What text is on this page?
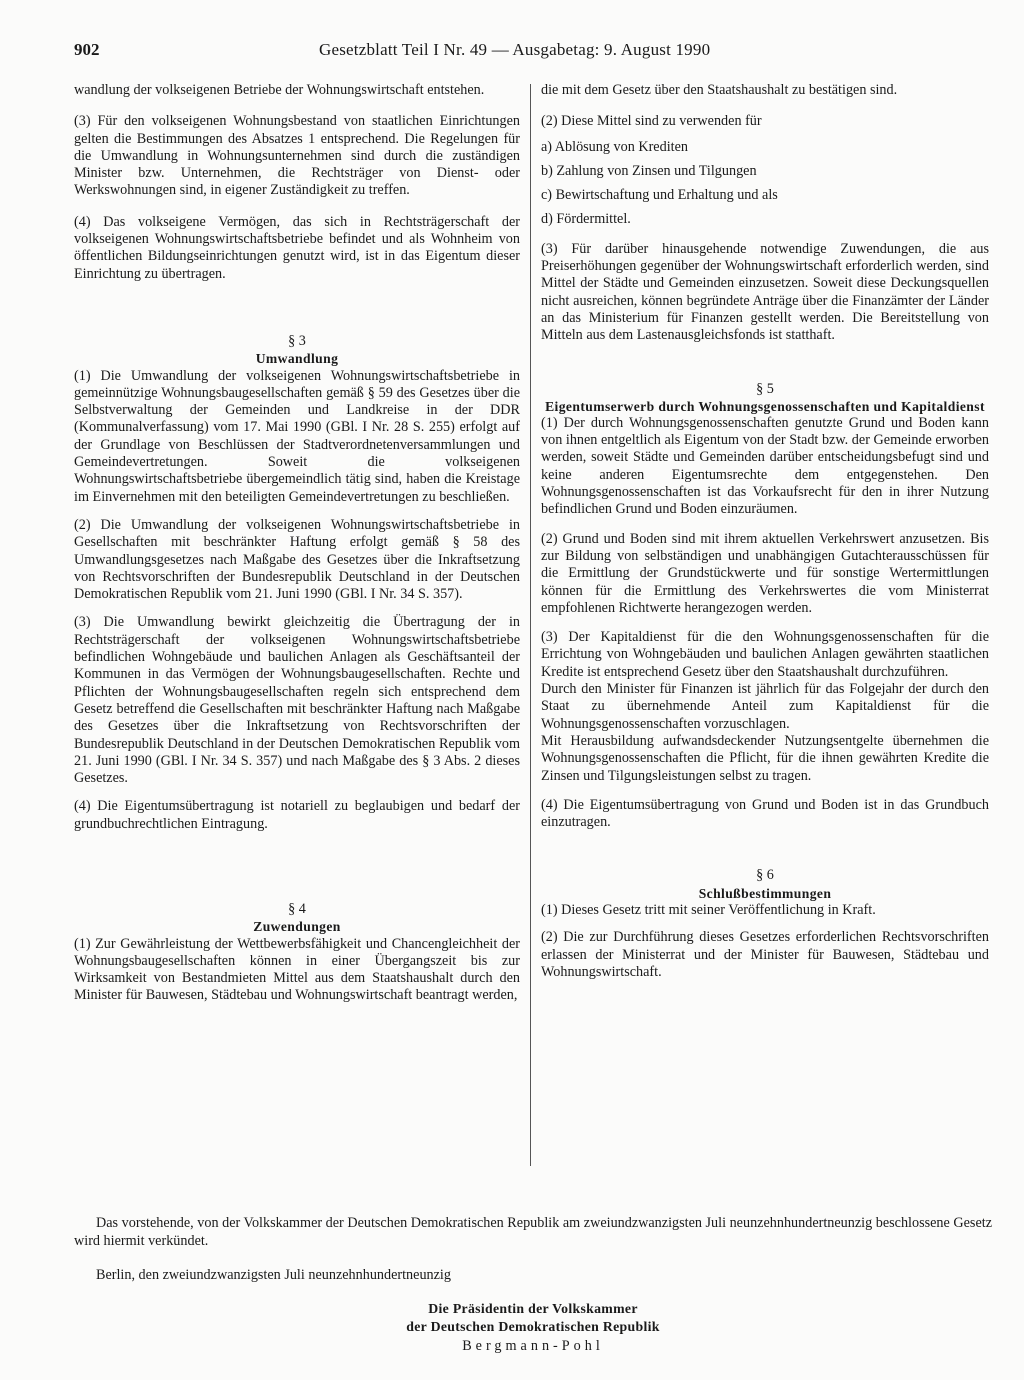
902	Gesetzblatt Teil I Nr. 49 — Ausgabetag: 9. August 1990

wandlung der volkseigenen Betriebe der Wohnungswirtschaft entstehen.

(3) Für den volkseigenen Wohnungsbestand von staatlichen Einrichtungen gelten die Bestimmungen des Absatzes 1 entsprechend. Die Regelungen für die Umwandlung in Wohnungsunternehmen sind durch die zuständigen Minister bzw. Unternehmen, die Rechtsträger von Dienst- oder Werkswohnungen sind, in eigener Zuständigkeit zu treffen.

(4) Das volkseigene Vermögen, das sich in Rechtsträgerschaft der volkseigenen Wohnungswirtschaftsbetriebe befindet und als Wohnheim von öffentlichen Bildungseinrichtungen genutzt wird, ist in das Eigentum dieser Einrichtung zu übertragen.

§ 3

Umwandlung

(1) Die Umwandlung der volkseigenen Wohnungswirtschaftsbetriebe in gemeinnützige Wohnungsbaugesellschaften gemäß § 59 des Gesetzes über die Selbstverwaltung der Gemeinden und Landkreise in der DDR (Kommunalverfassung) vom 17. Mai 1990 (GBl. I Nr. 28 S. 255) erfolgt auf der Grundlage von Beschlüssen der Stadtverordnetenversammlungen und Gemeindevertretungen. Soweit die volkseigenen Wohnungswirtschaftsbetriebe übergemeindlich tätig sind, haben die Kreistage im Einvernehmen mit den beteiligten Gemeindevertretungen zu beschließen.

(2) Die Umwandlung der volkseigenen Wohnungswirtschaftsbetriebe in Gesellschaften mit beschränkter Haftung erfolgt gemäß § 58 des Umwandlungsgesetzes nach Maßgabe des Gesetzes über die Inkraftsetzung von Rechtsvorschriften der Bundesrepublik Deutschland in der Deutschen Demokratischen Republik vom 21. Juni 1990 (GBl. I Nr. 34 S. 357).

(3) Die Umwandlung bewirkt gleichzeitig die Übertragung der in Rechtsträgerschaft der volkseigenen Wohnungswirtschaftsbetriebe befindlichen Wohngebäude und baulichen Anlagen als Geschäftsanteil der Kommunen in das Vermögen der Wohnungsbaugesellschaften. Rechte und Pflichten der Wohnungsbaugesellschaften regeln sich entsprechend dem Gesetz betreffend die Gesellschaften mit beschränkter Haftung nach Maßgabe des Gesetzes über die Inkraftsetzung von Rechtsvorschriften der Bundesrepublik Deutschland in der Deutschen Demokratischen Republik vom 21. Juni 1990 (GBl. I Nr. 34 S. 357) und nach Maßgabe des § 3 Abs. 2 dieses Gesetzes.

(4) Die Eigentumsübertragung ist notariell zu beglaubigen und bedarf der grundbuchrechtlichen Eintragung.

§ 4

Zuwendungen

(1) Zur Gewährleistung der Wettbewerbsfähigkeit und Chancengleichheit der Wohnungsbaugesellschaften können in einer Übergangszeit bis zur Wirksamkeit von Bestandmieten Mittel aus dem Staatshaushalt durch den Minister für Bauwesen, Städtebau und Wohnungswirtschaft beantragt werden,

die mit dem Gesetz über den Staatshaushalt zu bestätigen sind.

(2) Diese Mittel sind zu verwenden für

a) Ablösung von Krediten

b) Zahlung von Zinsen und Tilgungen

c) Bewirtschaftung und Erhaltung und als

d) Fördermittel.

(3) Für darüber hinausgehende notwendige Zuwendungen, die aus Preiserhöhungen gegenüber der Wohnungswirtschaft erforderlich werden, sind Mittel der Städte und Gemeinden einzusetzen. Soweit diese Deckungsquellen nicht ausreichen, können begründete Anträge über die Finanzämter der Länder an das Ministerium für Finanzen gestellt werden. Die Bereitstellung von Mitteln aus dem Lastenausgleichsfonds ist statthaft.

§ 5

Eigentumserwerb durch Wohnungsgenossenschaften und Kapitaldienst

(1) Der durch Wohnungsgenossenschaften genutzte Grund und Boden kann von ihnen entgeltlich als Eigentum von der Stadt bzw. der Gemeinde erworben werden, soweit Städte und Gemeinden darüber entscheidungsbefugt sind und keine anderen Eigentumsrechte dem entgegenstehen. Den Wohnungsgenossenschaften ist das Vorkaufsrecht für den in ihrer Nutzung befindlichen Grund und Boden einzuräumen.

(2) Grund und Boden sind mit ihrem aktuellen Verkehrswert anzusetzen. Bis zur Bildung von selbständigen und unabhängigen Gutachterausschüssen für die Ermittlung der Grundstückwerte und für sonstige Wertermittlungen können für die Ermittlung des Verkehrswertes die vom Ministerrat empfohlenen Richtwerte herangezogen werden.

(3) Der Kapitaldienst für die den Wohnungsgenossenschaften für die Errichtung von Wohngebäuden und baulichen Anlagen gewährten staatlichen Kredite ist entsprechend Gesetz über den Staatshaushalt durchzuführen.

Durch den Minister für Finanzen ist jährlich für das Folgejahr der durch den Staat zu übernehmende Anteil zum Kapitaldienst für die Wohnungsgenossenschaften vorzuschlagen.

Mit Herausbildung aufwandsdeckender Nutzungsentgelte übernehmen die Wohnungsgenossenschaften die Pflicht, für die ihnen gewährten Kredite die Zinsen und Tilgungsleistungen selbst zu tragen.

(4) Die Eigentumsübertragung von Grund und Boden ist in das Grundbuch einzutragen.

§ 6

Schlußbestimmungen

(1) Dieses Gesetz tritt mit seiner Veröffentlichung in Kraft.

(2) Die zur Durchführung dieses Gesetzes erforderlichen Rechtsvorschriften erlassen der Ministerrat und der Minister für Bauwesen, Städtebau und Wohnungswirtschaft.

Das vorstehende, von der Volkskammer der Deutschen Demokratischen Republik am zweiundzwanzigsten Juli neunzehnhundertneunzig beschlossene Gesetz wird hiermit verkündet.

Berlin, den zweiundzwanzigsten Juli neunzehnhundertneunzig

Die Präsidentin der Volkskammer

der Deutschen Demokratischen Republik

Bergmann-Pohl
